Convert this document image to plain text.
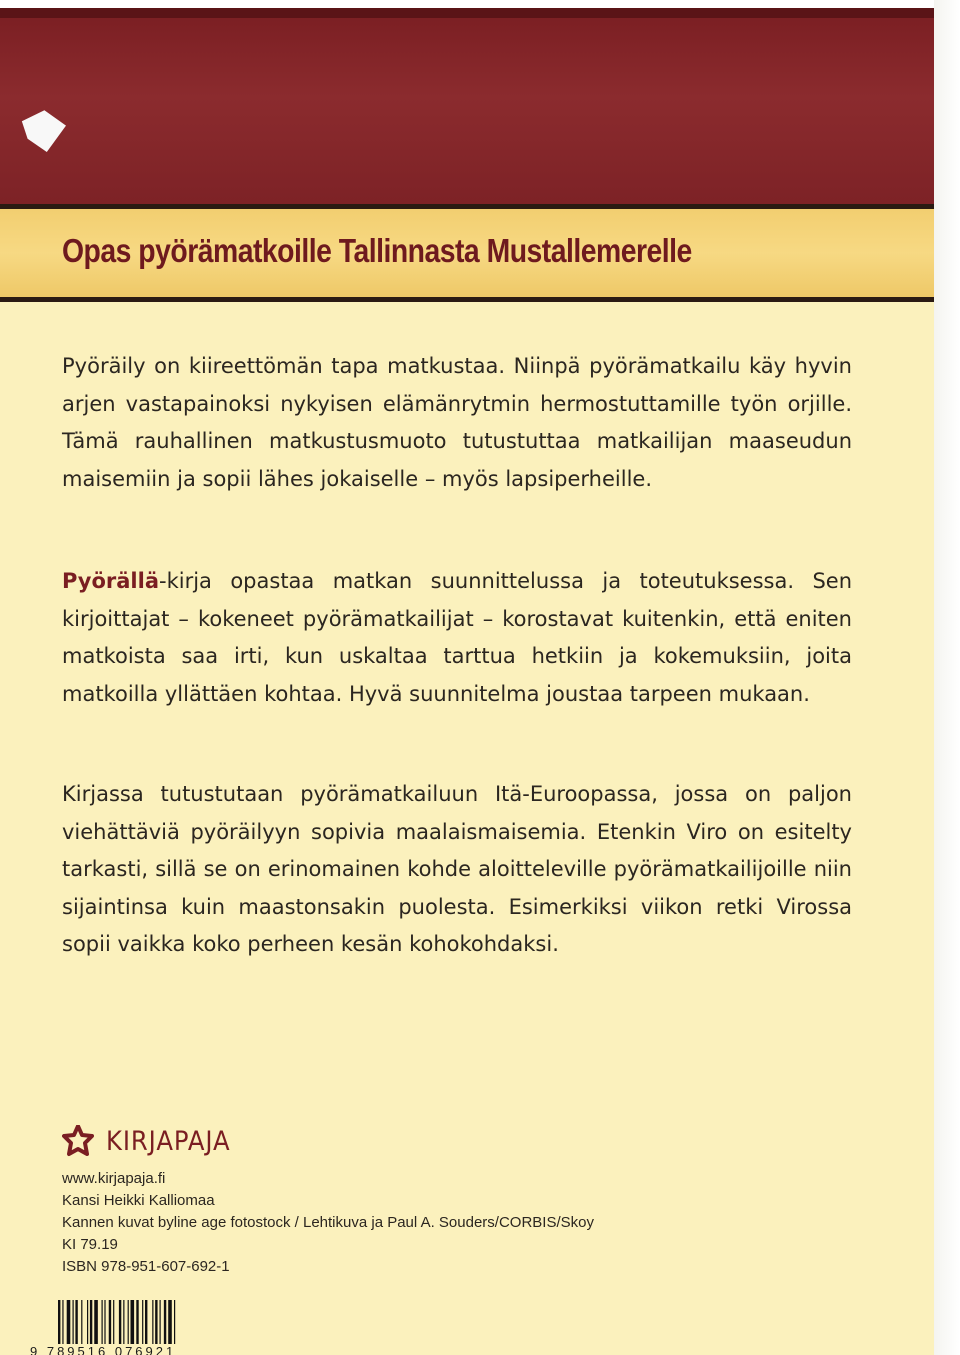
Opas pyörämatkoille Tallinnasta Mustallemerelle

Pyöräily on kiireettömän tapa matkustaa. Niinpä pyörämatkailu käy hyvin arjen vastapainoksi nykyisen elämänrytmin hermostuttamille työn orjille. Tämä rauhallinen matkustusmuoto tutustuttaa matkailijan maaseudun maisemiin ja sopii lähes jokaiselle – myös lapsiperheille.

Pyörällä-kirja opastaa matkan suunnittelussa ja toteutuksessa. Sen kirjoittajat – kokeneet pyörämatkailijat – korostavat kuitenkin, että eniten matkoista saa irti, kun uskaltaa tarttua hetkiin ja kokemuksiin, joita matkoilla yllättäen kohtaa. Hyvä suunnitelma joustaa tarpeen mukaan.

Kirjassa tutustutaan pyörämatkailuun Itä-Euroopassa, jossa on paljon viehättäviä pyöräilyyn sopivia maalaismaisemia. Etenkin Viro on esitelty tarkasti, sillä se on erinomainen kohde aloitteleville pyörämatkailijoille niin sijaintinsa kuin maastonsakin puolesta. Esimerkiksi viikon retki Virossa sopii vaikka koko perheen kesän kohokohdaksi.

KIRJAPAJA
www.kirjapaja.fi
Kansi Heikki Kalliomaa
Kannen kuvat byline age fotostock / Lehtikuva ja Paul A. Souders/CORBIS/Skoy
KI 79.19
ISBN 978-951-607-692-1
9 789516 076921
